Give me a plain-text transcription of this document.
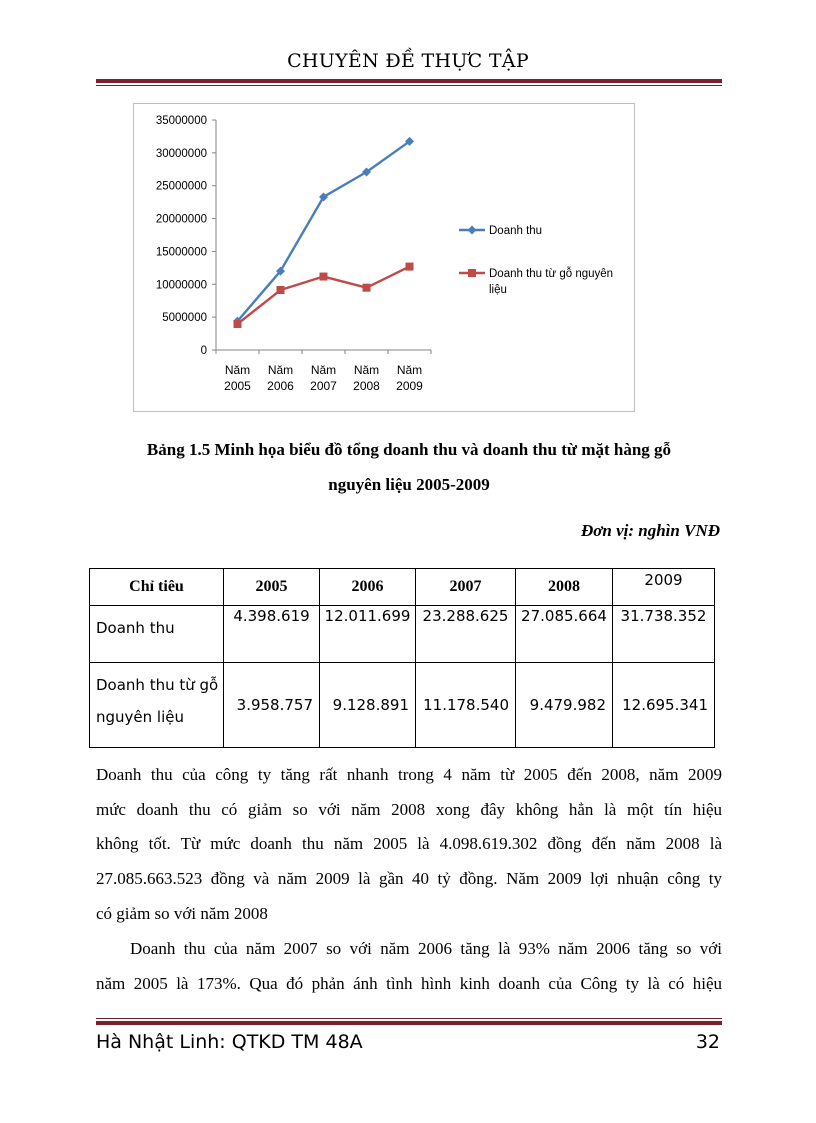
CHUYÊN ĐỀ THỰC TẬP
0
5000000
10000000
15000000
20000000
25000000
30000000
35000000
Năm
2005
Năm
2006
Năm
2007
Năm
2008
Năm
2009
Doanh thu
Doanh thu từ gỗ nguyên
liệu
Bảng 1.5 Minh họa biểu đồ tổng doanh thu và doanh thu từ mặt hàng gỗ
nguyên liệu 2005-2009
Đơn vị: nghìn VNĐ
Chỉ tiêu	2005	2006	2007	2008	2009
Doanh thu	4.398.619	12.011.699	23.288.625	27.085.664	31.738.352
Doanh thu từ gỗ
nguyên liệu	3.958.757	9.128.891	11.178.540	9.479.982	12.695.341
Doanh thu của công ty tăng rất nhanh trong 4 năm từ 2005 đến 2008, năm 2009
mức doanh thu có giảm so với năm 2008 xong đây không hẳn là một tín hiệu
không tốt. Từ mức doanh thu năm 2005 là 4.098.619.302 đồng đến năm 2008 là
27.085.663.523 đồng và năm 2009 là gần 40 tỷ đồng. Năm 2009 lợi nhuận công ty
có giảm so với năm 2008
Doanh thu của năm 2007 so với năm 2006 tăng là 93% năm 2006 tăng so với
năm 2005 là 173%. Qua đó phản ánh tình hình kinh doanh của Công ty là có hiệu
Hà Nhật Linh: QTKD TM 48A	32
